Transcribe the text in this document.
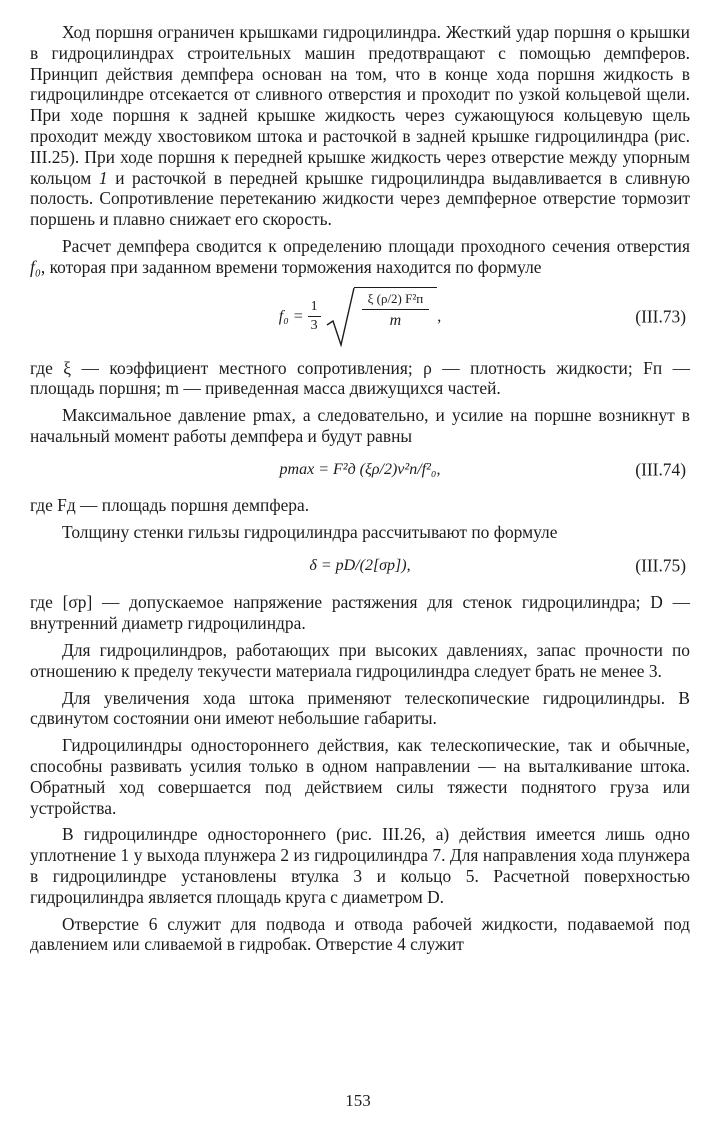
Ход поршня ограничен крышками гидроцилиндра. Жесткий удар поршня о крышки в гидроцилиндрах строительных машин предотвращают с помощью демпферов. Принцип действия демпфера основан на том, что в конце хода поршня жидкость в гидроцилиндре отсекается от сливного отверстия и проходит по узкой кольцевой щели. При ходе поршня к задней крышке жидкость через сужающуюся кольцевую щель проходит между хвостовиком штока и расточкой в задней крышке гидроцилиндра (рис. III.25). При ходе поршня к передней крышке жидкость через отверстие между упорным кольцом 1 и расточкой в передней крышке гидроцилиндра выдавливается в сливную полость. Сопротивление перетеканию жидкости через демпферное отверстие тормозит поршень и плавно снижает его скорость.

Расчет демпфера сводится к определению площади проходного сечения отверстия f₀, которая при заданном времени торможения находится по формуле

$f_0 = \frac{1}{3}$
ξ (ρ/2) F²п
m ,	(III.73)

где ξ — коэффициент местного сопротивления; ρ — плотность жидкости; Fп — площадь поршня; m — приведенная масса движущихся частей.

Максимальное давление pmax, а следовательно, и усилие на поршне возникнут в начальный момент работы демпфера и будут равны

pmax = F²д (ξρ/2)v²п/f²₀,	(III.74)

где Fд — площадь поршня демпфера.

Толщину стенки гильзы гидроцилиндра рассчитывают по формуле

δ = pD/(2[σр]),	(III.75)

где [σр] — допускаемое напряжение растяжения для стенок гидроцилиндра; D — внутренний диаметр гидроцилиндра.

Для гидроцилиндров, работающих при высоких давлениях, запас прочности по отношению к пределу текучести материала гидроцилиндра следует брать не менее 3.

Для увеличения хода штока применяют телескопические гидроцилиндры. В сдвинутом состоянии они имеют небольшие габариты.

Гидроцилиндры одностороннего действия, как телескопические, так и обычные, способны развивать усилия только в одном направлении — на выталкивание штока. Обратный ход совершается под действием силы тяжести поднятого груза или устройства.

В гидроцилиндре одностороннего (рис. III.26, а) действия имеется лишь одно уплотнение 1 у выхода плунжера 2 из гидроцилиндра 7. Для направления хода плунжера в гидроцилиндре установлены втулка 3 и кольцо 5. Расчетной поверхностью гидроцилиндра является площадь круга с диаметром D.

Отверстие 6 служит для подвода и отвода рабочей жидкости, подаваемой под давлением или сливаемой в гидробак. Отверстие 4 служит

153
